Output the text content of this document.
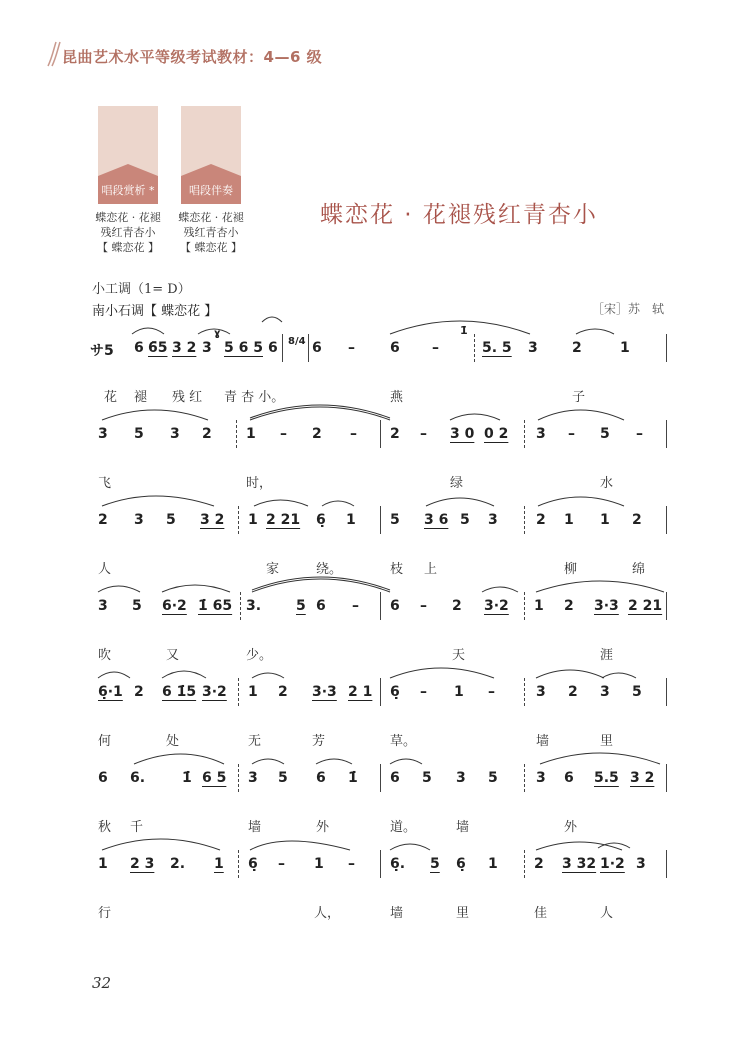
昆曲艺术水平等级考试教材：4—6 级
唱段赏析 *	唱段伴奏
蝶恋花 · 花褪
残红青杏小
【 蝶恋花 】
蝶恋花 · 花褪
残红青杏小
【 蝶恋花 】
蝶恋花 · 花褪残红青杏小
小工调（1= D）
南小石调【 蝶恋花 】	［宋］苏　轼
サ5 6 6̄5 3 2 3
ɣ
5 6 5 6 8/4 6 –	6 –
1̇
5. 5 3 2	1
花 褪 残 红 青 杏 小。	燕	子
3 5 3 2 1 – 2 – 2 – 3 0 0 2 3 – 5 –
飞	时，	绿	水
2 3 5 3 2 1 2 21 6̣ 1 5 3 6 5 3	2 1 1 2
人	家	绕。	枝 上	柳	绵
3 5 6·2 1̇ 65 3. 5 6 – 6 – 2 3·2 1 2 3·3 2 21
吹	又	少。	天	涯
6̣·1 2 6 1̇5 3·2 1 2 3·3 2 1 6̣ – 1 –	3 2 3 5
何	处	无	芳	草。	墙	里
6 6.	1̇ 6 5 3 5 6 1̇ 6 5 3 5	3 6 5.5 3 2
秋 千	墙	外	道。	墙	外
1 2 3 2. 1 6̣ – 1 –	6̣. 5 6̣ 1	2 3 32 1·2 3
行	人，	墙	里	佳	人
32
